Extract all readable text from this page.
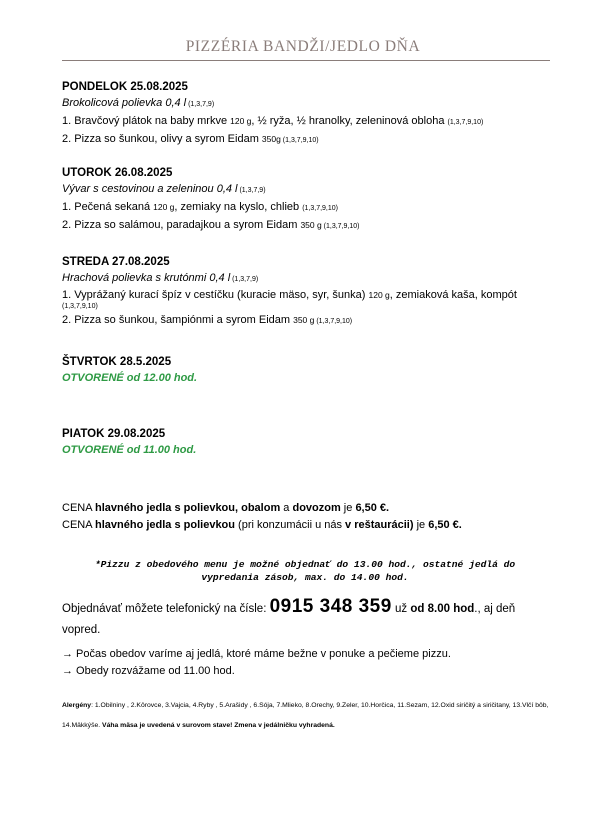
PIZZÉRIA BANDŽI/JEDLO DŇA
PONDELOK 25.08.2025
Brokolicová polievka 0,4 l (1,3,7,9)
1. Bravčový plátok na baby mrkve 120 g, ½ ryža, ½ hranolky, zeleninová obloha (1,3,7,9,10)
2. Pizza so šunkou, olivy a syrom Eidam 350g (1,3,7,9,10)
UTOROK 26.08.2025
Vývar s cestovinou a zeleninou 0,4 l (1,3,7,9)
1. Pečená sekaná 120 g, zemiaky na kyslo, chlieb (1,3,7,9,10)
2. Pizza so salámou, paradajkou a syrom Eidam 350 g (1,3,7,9,10)
STREDA 27.08.2025
Hrachová polievka s krutónmi 0,4 l (1,3,7,9)
1. Vyprážaný kurací špíz v cestíčku (kuracie mäso, syr, šunka) 120 g, zemiaková kaša, kompót
(1,3,7,9,10)
2. Pizza so šunkou, šampiónmi a syrom Eidam 350 g (1,3,7,9,10)
ŠTVRTOK 28.5.2025
OTVORENÉ od 12.00 hod.
PIATOK 29.08.2025
OTVORENÉ od 11.00 hod.
CENA hlavného jedla s polievkou, obalom a dovozom je 6,50 €.
CENA hlavného jedla s polievkou (pri konzumácii u nás v reštaurácii) je 6,50 €.
*Pizzu z obedového menu je možné objednať do 13.00 hod., ostatné jedlá do vypredania zásob, max. do 14.00 hod.
Objednávať môžete telefonický na čísle: 0915 348 359 už od 8.00 hod., aj deň vopred.
→ Počas obedov varíme aj jedlá, ktoré máme bežne v ponuke a pečieme pizzu.
→ Obedy rozvážame od 11.00 hod.
Alergény: 1.Obilniny , 2.Kôrovce, 3.Vajcia, 4.Ryby , 5.Arašidy , 6.Sója, 7.Mlieko, 8.Orechy, 9.Zeler, 10.Horčica, 11.Sezam, 12.Oxid siričitý a siričitany, 13.Vlčí bôb, 14.Mäkkýše. Váha mäsa je uvedená v surovom stave! Zmena v jedálničku vyhradená.
